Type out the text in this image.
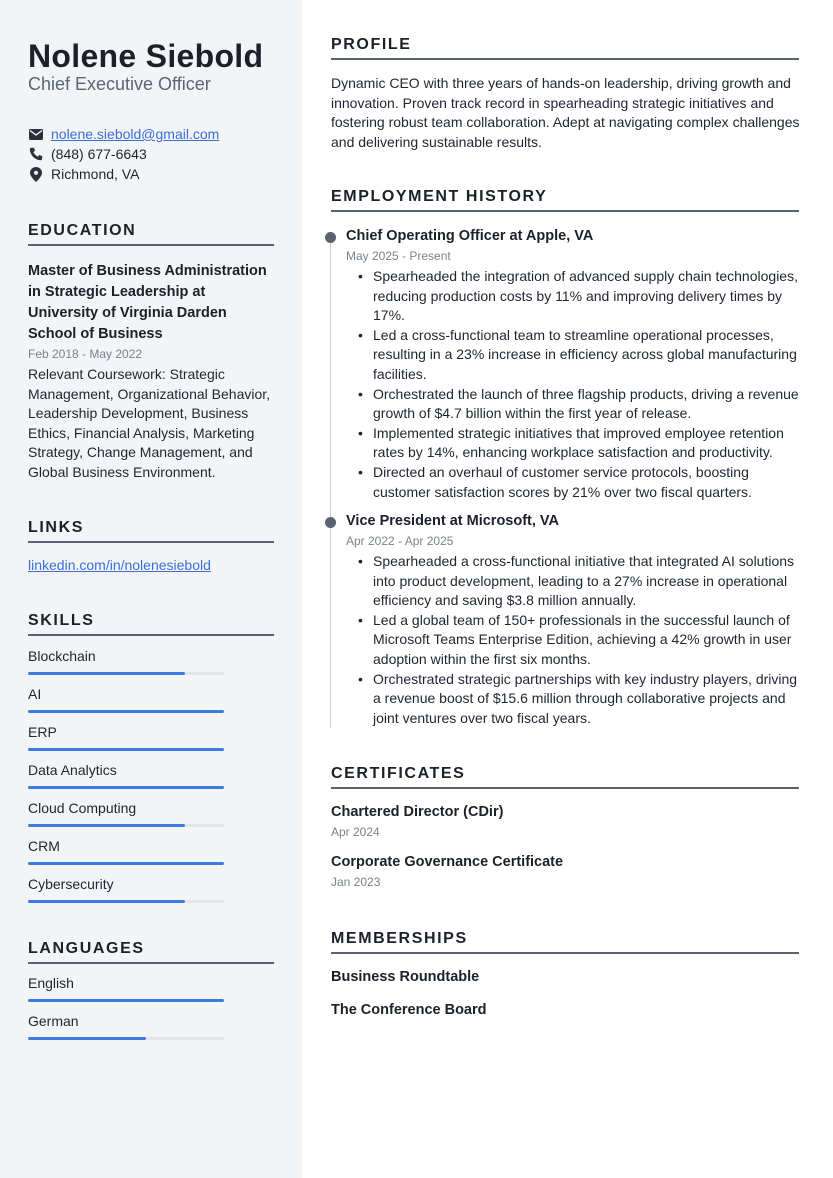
Nolene Siebold
Chief Executive Officer
nolene.siebold@gmail.com
(848) 677-6643
Richmond, VA
EDUCATION
Master of Business Administration in Strategic Leadership at University of Virginia Darden School of Business
Feb 2018 - May 2022
Relevant Coursework: Strategic Management, Organizational Behavior, Leadership Development, Business Ethics, Financial Analysis, Marketing Strategy, Change Management, and Global Business Environment.
LINKS
linkedin.com/in/nolenesiebold
SKILLS
Blockchain
AI
ERP
Data Analytics
Cloud Computing
CRM
Cybersecurity
LANGUAGES
English
German
PROFILE
Dynamic CEO with three years of hands-on leadership, driving growth and innovation. Proven track record in spearheading strategic initiatives and fostering robust team collaboration. Adept at navigating complex challenges and delivering sustainable results.
EMPLOYMENT HISTORY
Chief Operating Officer at Apple, VA
May 2025 - Present
• Spearheaded the integration of advanced supply chain technologies, reducing production costs by 11% and improving delivery times by 17%.
• Led a cross-functional team to streamline operational processes, resulting in a 23% increase in efficiency across global manufacturing facilities.
• Orchestrated the launch of three flagship products, driving a revenue growth of $4.7 billion within the first year of release.
• Implemented strategic initiatives that improved employee retention rates by 14%, enhancing workplace satisfaction and productivity.
• Directed an overhaul of customer service protocols, boosting customer satisfaction scores by 21% over two fiscal quarters.
Vice President at Microsoft, VA
Apr 2022 - Apr 2025
• Spearheaded a cross-functional initiative that integrated AI solutions into product development, leading to a 27% increase in operational efficiency and saving $3.8 million annually.
• Led a global team of 150+ professionals in the successful launch of Microsoft Teams Enterprise Edition, achieving a 42% growth in user adoption within the first six months.
• Orchestrated strategic partnerships with key industry players, driving a revenue boost of $15.6 million through collaborative projects and joint ventures over two fiscal years.
CERTIFICATES
Chartered Director (CDir)
Apr 2024
Corporate Governance Certificate
Jan 2023
MEMBERSHIPS
Business Roundtable
The Conference Board
